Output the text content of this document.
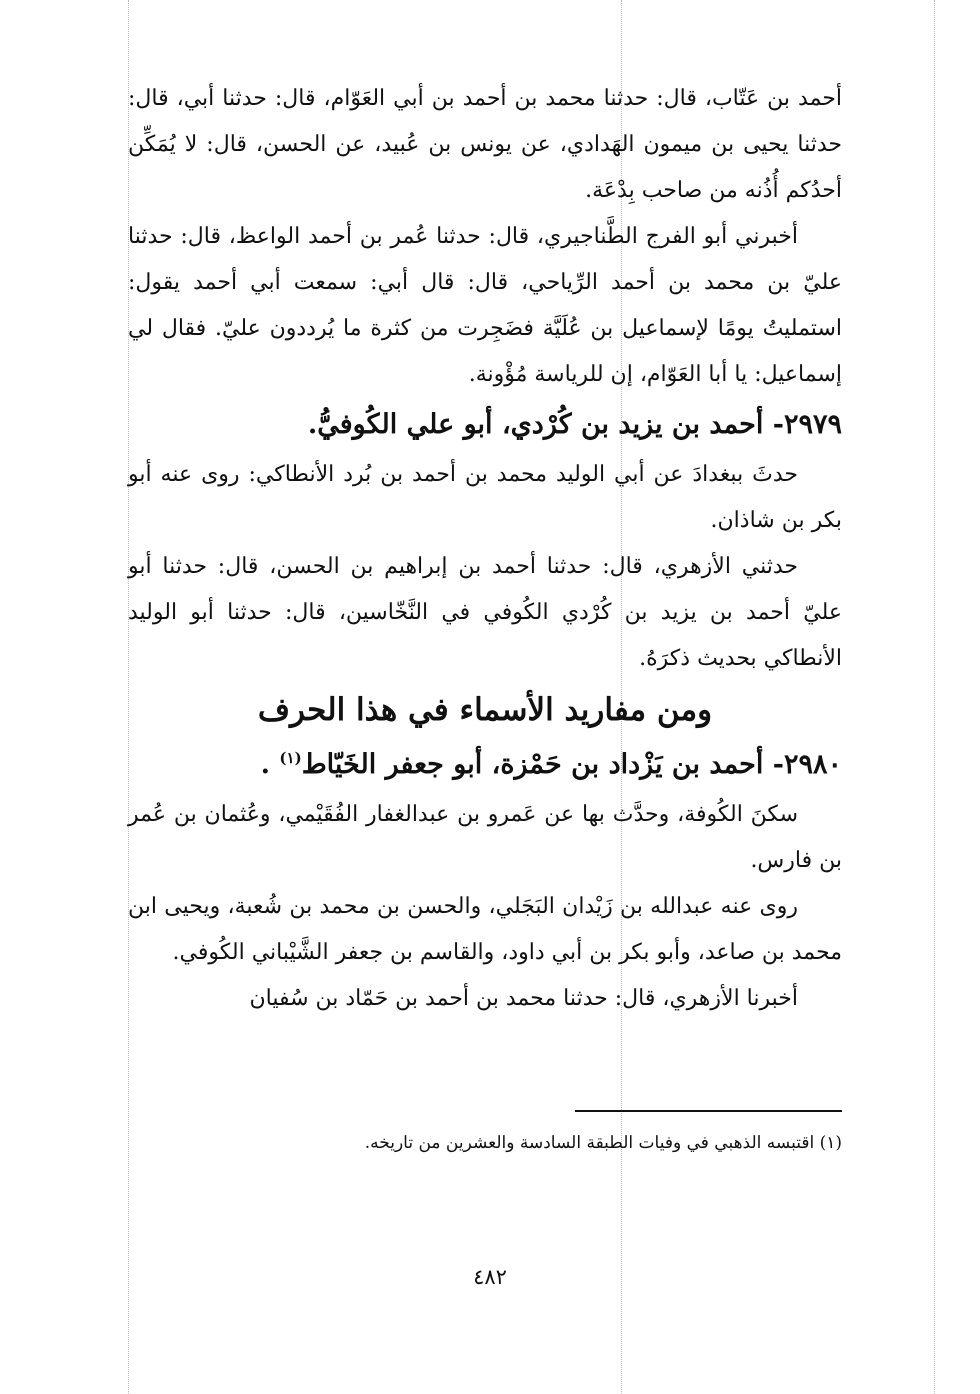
أحمد بن عَتّاب، قال: حدثنا محمد بن أحمد بن أبي العَوّام، قال: حدثنا أبي، قال: حدثنا يحيى بن ميمون الهَدادي، عن يونس بن عُبيد، عن الحسن، قال: لا يُمَكِّن أحدُكم أُذُنه من صاحب بِدْعَة.

أخبرني أبو الفرج الطَّناجيري، قال: حدثنا عُمر بن أحمد الواعظ، قال: حدثنا عليّ بن محمد بن أحمد الرِّياحي، قال: قال أبي: سمعت أبي أحمد يقول: استمليتُ يومًا لإسماعيل بن عُلَيَّة فضَجِرت من كثرة ما يُرددون عليّ. فقال لي إسماعيل: يا أبا العَوّام، إن للرياسة مُؤْونة.

٢٩٧٩- أحمد بن يزيد بن كُرْدي، أبو علي الكُوفيُّ.

حدثَ ببغدادَ عن أبي الوليد محمد بن أحمد بن بُرد الأنطاكي: روى عنه أبو بكر بن شاذان.

حدثني الأزهري، قال: حدثنا أحمد بن إبراهيم بن الحسن، قال: حدثنا أبو عليّ أحمد بن يزيد بن كُرْدي الكُوفي في النَّخّاسين، قال: حدثنا أبو الوليد الأنطاكي بحديث ذكرَهُ.

ومن مفاريد الأسماء في هذا الحرف
٢٩٨٠- أحمد بن يَزْداد بن حَمْزة، أبو جعفر الخَيّاط$^{(١)}$ .

سكنَ الكُوفة، وحدَّث بها عن عَمرو بن عبدالغفار الفُقَيْمي، وعُثمان بن عُمر بن فارس.

روى عنه عبدالله بن زَيْدان البَجَلي، والحسن بن محمد بن شُعبة، ويحيى ابن محمد بن صاعد، وأبو بكر بن أبي داود، والقاسم بن جعفر الشَّيْباني الكُوفي.

أخبرنا الأزهري، قال: حدثنا محمد بن أحمد بن حَمّاد بن سُفيان

(١) اقتبسه الذهبي في وفيات الطبقة السادسة والعشرين من تاريخه.
٤٨٢
